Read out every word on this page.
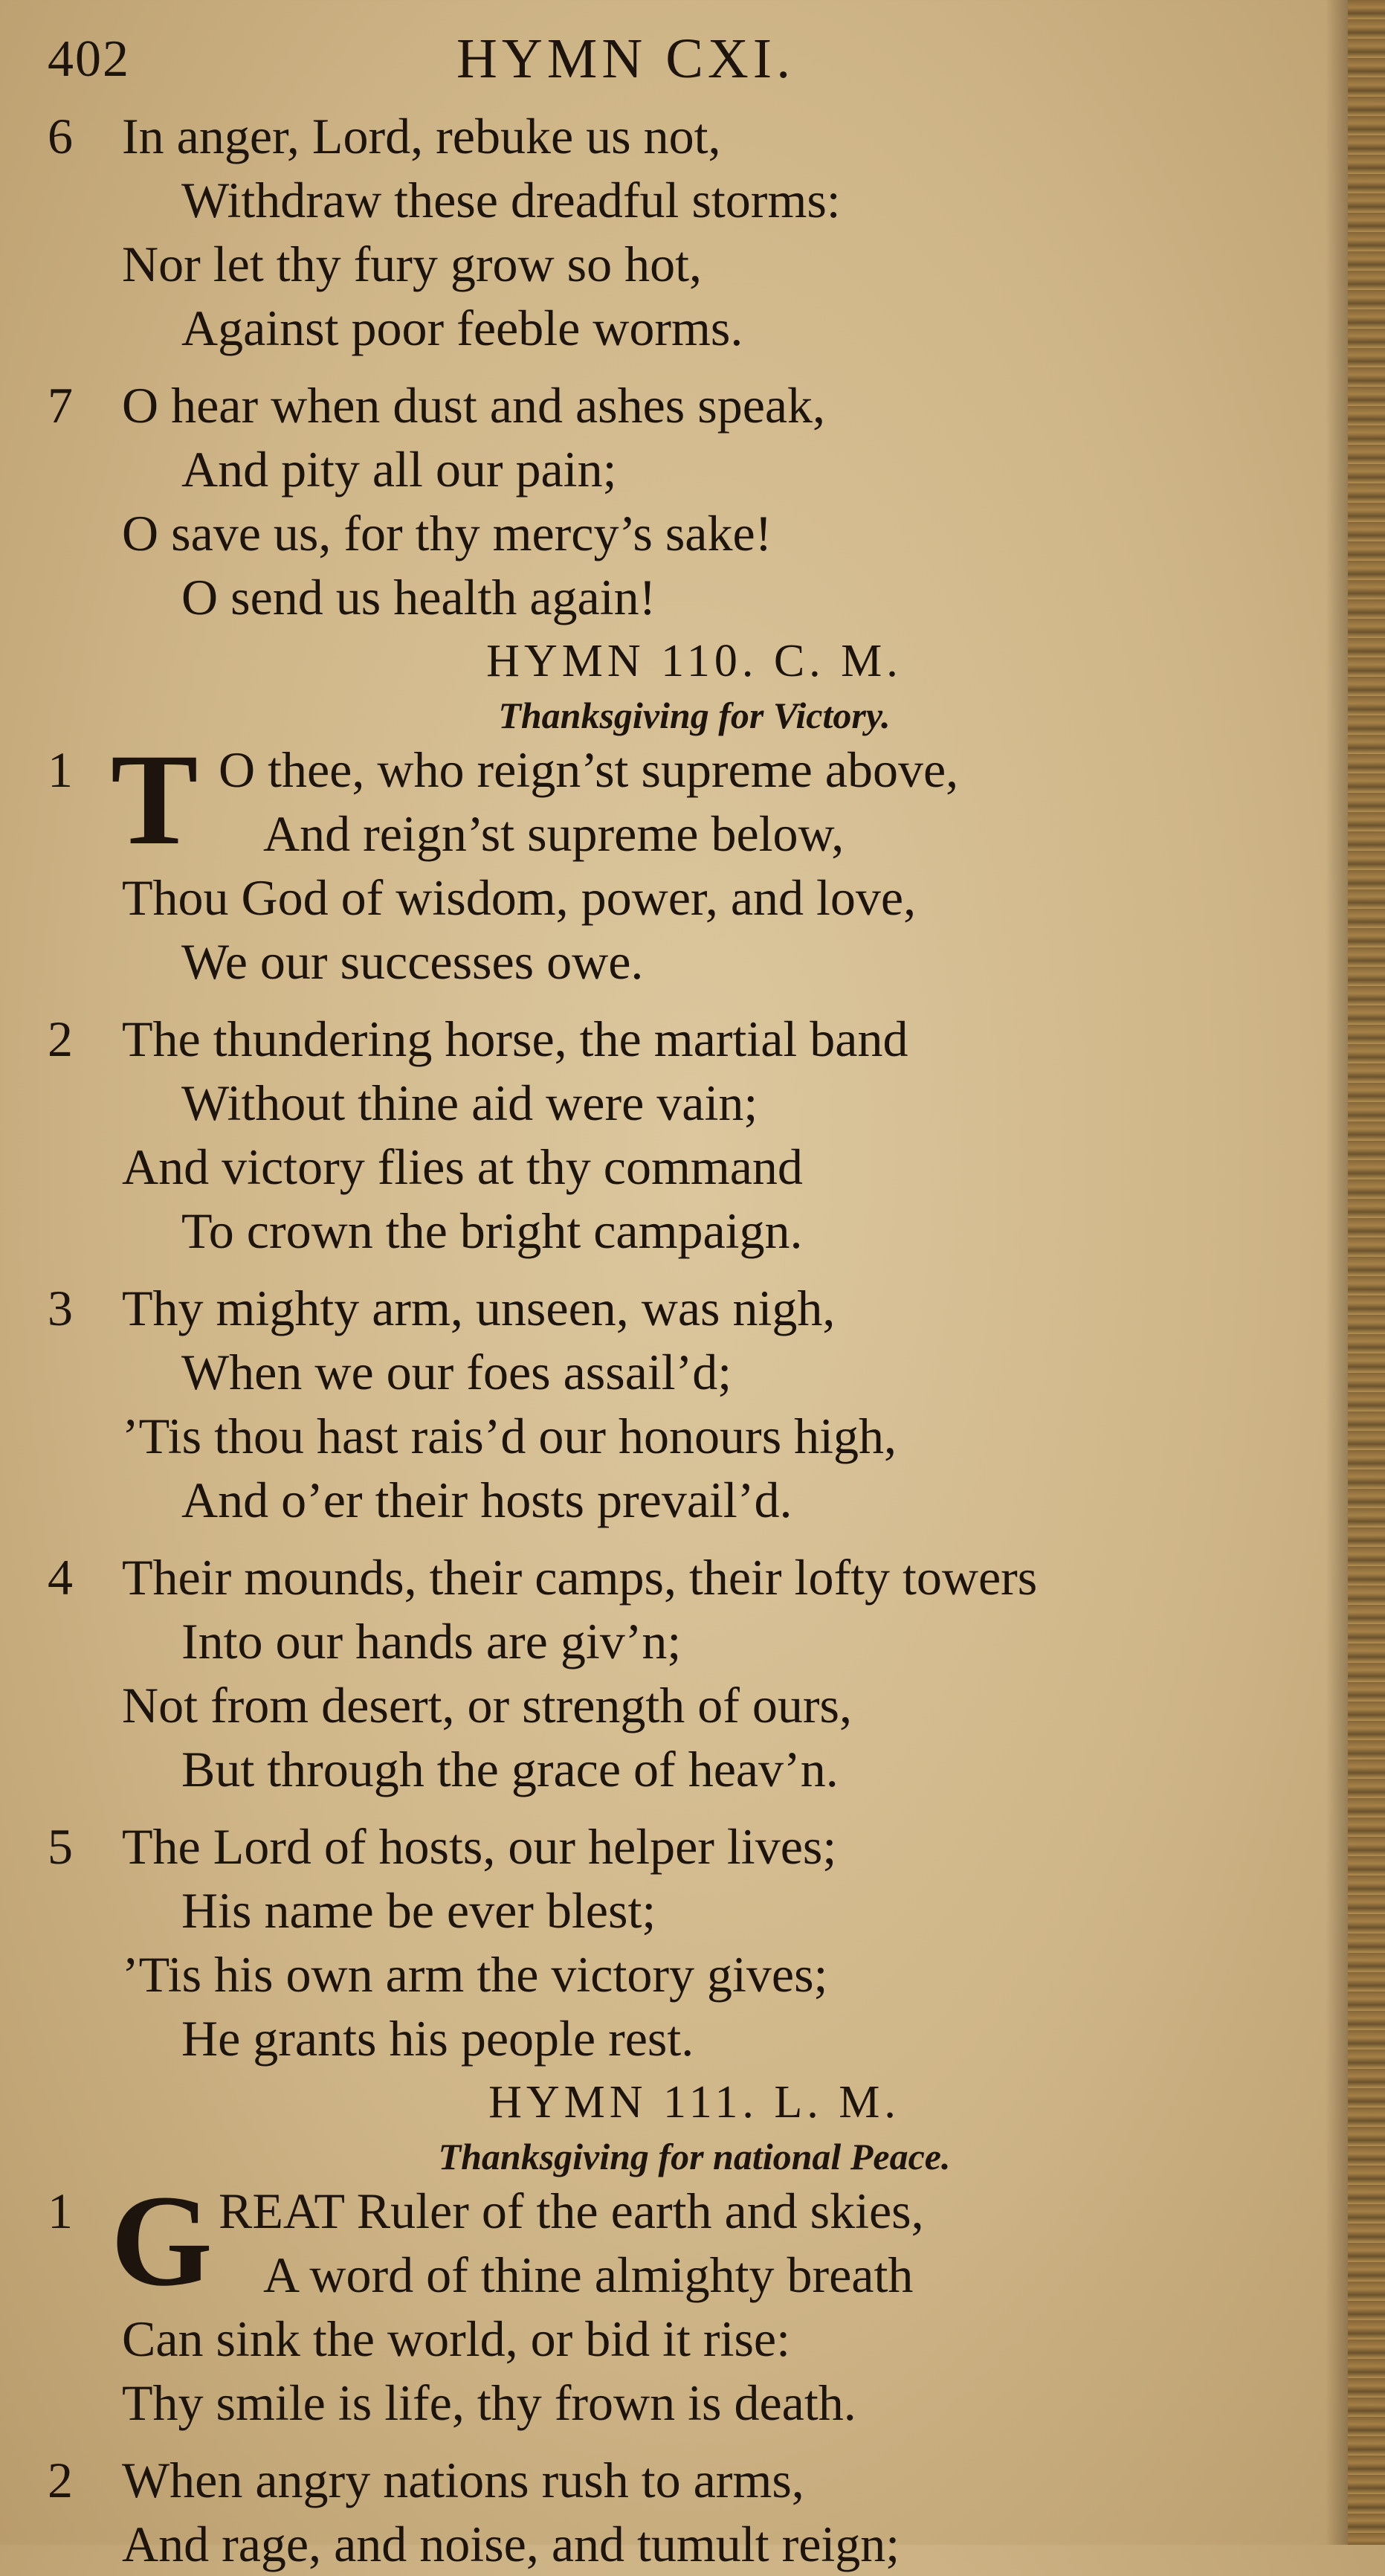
402	HYMN CXI.
6 In anger, Lord, rebuke us not,
Withdraw these dreadful storms:
Nor let thy fury grow so hot,
Against poor feeble worms.
7 O hear when dust and ashes speak,
And pity all our pain;
O save us, for thy mercy’s sake!
O send us health again!
HYMN 110. C. M.
Thanksgiving for Victory.
1 T O thee, who reign’st supreme above,
And reign’st supreme below,
Thou God of wisdom, power, and love,
We our successes owe.
2 The thundering horse, the martial band
Without thine aid were vain;
And victory flies at thy command
To crown the bright campaign.
3 Thy mighty arm, unseen, was nigh,
When we our foes assail’d;
’Tis thou hast rais’d our honours high,
And o’er their hosts prevail’d.
4 Their mounds, their camps, their lofty towers
Into our hands are giv’n;
Not from desert, or strength of ours,
But through the grace of heav’n.
5 The Lord of hosts, our helper lives;
His name be ever blest;
’Tis his own arm the victory gives;
He grants his people rest.
HYMN 111. L. M.
Thanksgiving for national Peace.
1 G REAT Ruler of the earth and skies,
A word of thine almighty breath
Can sink the world, or bid it rise:
Thy smile is life, thy frown is death.
2 When angry nations rush to arms,
And rage, and noise, and tumult reign;
